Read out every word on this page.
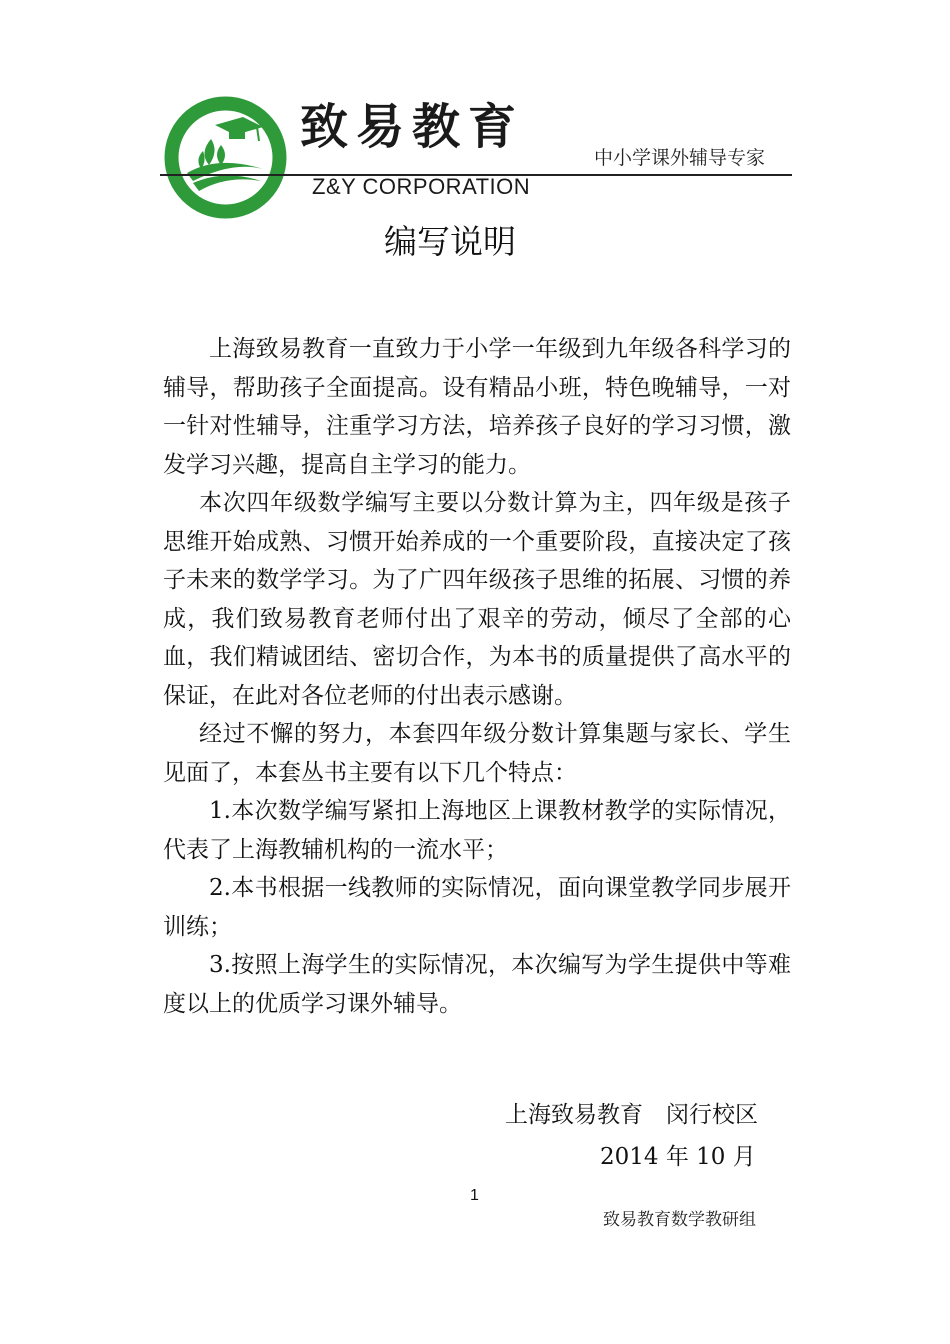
致易教育
Z&Y CORPORATION
中小学课外辅导专家
编写说明

上海致易教育一直致力于小学一年级到九年级各科学习的辅导，帮助孩子全面提高。设有精品小班，特色晚辅导，一对一针对性辅导，注重学习方法，培养孩子良好的学习习惯，激发学习兴趣，提高自主学习的能力。

本次四年级数学编写主要以分数计算为主，四年级是孩子思维开始成熟、习惯开始养成的一个重要阶段，直接决定了孩子未来的数学学习。为了广四年级孩子思维的拓展、习惯的养成，我们致易教育老师付出了艰辛的劳动，倾尽了全部的心血，我们精诚团结、密切合作，为本书的质量提供了高水平的保证，在此对各位老师的付出表示感谢。

经过不懈的努力，本套四年级分数计算集题与家长、学生见面了，本套丛书主要有以下几个特点：

1.本次数学编写紧扣上海地区上课教材教学的实际情况，代表了上海教辅机构的一流水平；

2.本书根据一线教师的实际情况，面向课堂教学同步展开训练；

3.按照上海学生的实际情况，本次编写为学生提供中等难度以上的优质学习课外辅导。

上海致易教育　闵行校区
2014 年 10 月
1
致易教育数学教研组
